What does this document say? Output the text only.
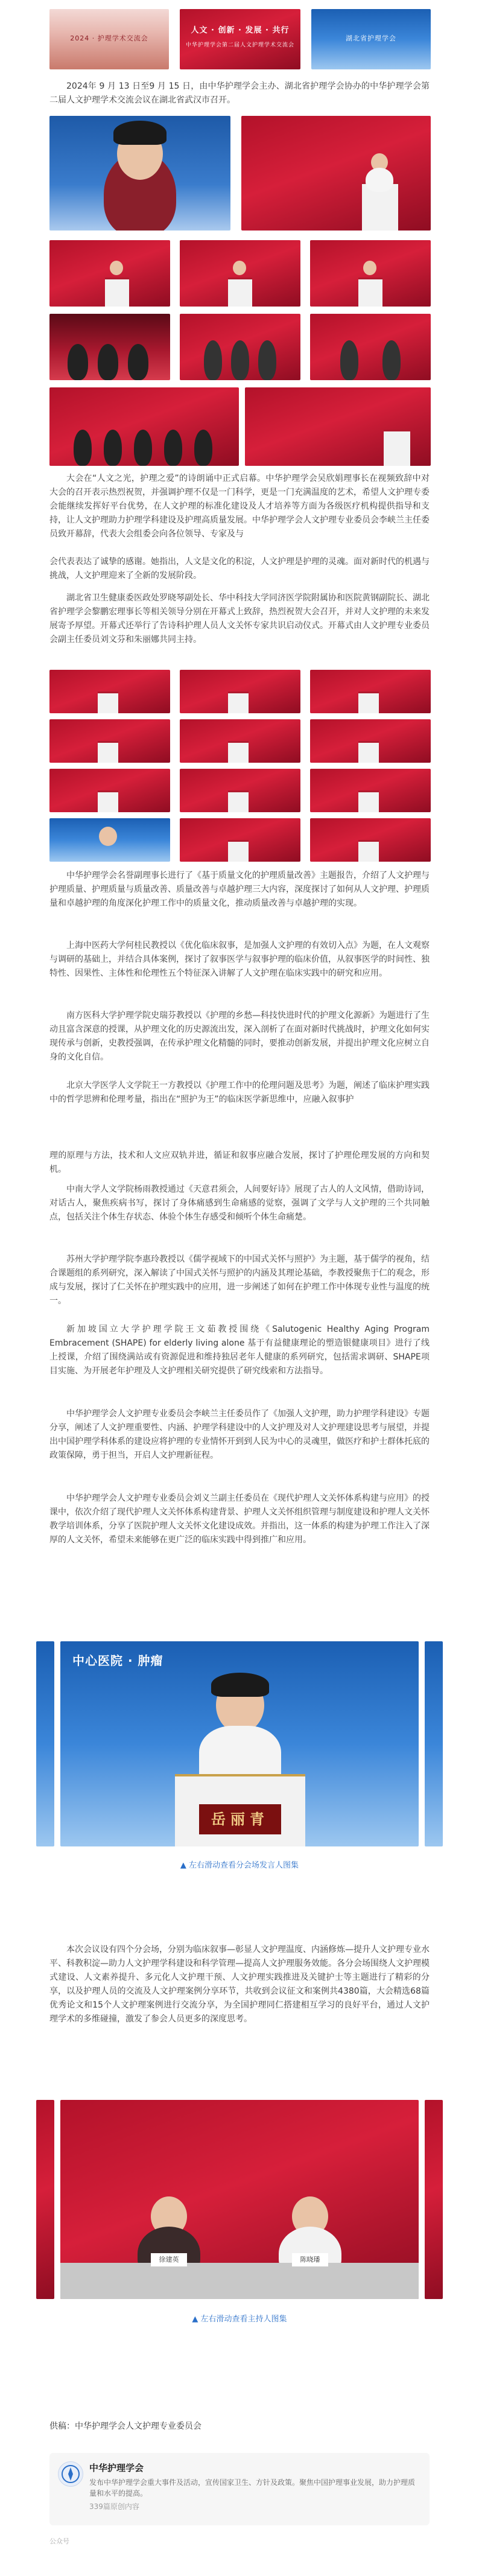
2024 · 护理学术交流会
人文 · 创新 · 发展 · 共行
中华护理学会第二届人文护理学术交流会
湖北省护理学会

2024年 9 月 13 日至9 月 15 日，由中华护理学会主办、湖北省护理学会协办的中华护理学会第二届人文护理学术交流会议在湖北省武汉市召开。

大会在“人文之光，护理之爱”的诗朗诵中正式启幕。中华护理学会吴欣娟理事长在视频致辞中对大会的召开表示热烈祝贺，并强调护理不仅是一门科学，更是一门充满温度的艺术，希望人文护理专委会能继续发挥好平台优势，在人文护理的标准化建设及人才培养等方面为各级医疗机构提供指导和支持，让人文护理助力护理学科建设及护理高质量发展。中华护理学会人文护理专业委员会李峡兰主任委员致开幕辞，代表大会组委会向各位领导、专家及与

会代表表达了诚挚的感谢。她指出，人文是文化的积淀，人文护理是护理的灵魂。面对新时代的机遇与挑战，人文护理迎来了全新的发展阶段。

湖北省卫生健康委医政处罗晓琴副处长、华中科技大学同济医学院附属协和医院黄钢副院长、湖北省护理学会黎鹏宏理事长等相关领导分别在开幕式上致辞，热烈祝贺大会召开，并对人文护理的未来发展寄予厚望。开幕式还举行了告诗科护理人员人文关怀专家共识启动仪式。开幕式由人文护理专业委员会副主任委员刘文芬和朱丽娜共同主持。

中华护理学会名誉副理事长进行了《基于质量文化的护理质量改善》主题报告，介绍了人文护理与护理质量、护理质量与质量改善、质量改善与卓越护理三大内容，深度探讨了如何从人文护理、护理质量和卓越护理的角度深化护理工作中的质量文化，推动质量改善与卓越护理的实现。

上海中医药大学何桂民教授以《优化临床叙事，是加强人文护理的有效切入点》为题，在人文观察与调研的基础上，并结合具体案例，探讨了叙事医学与叙事护理的临床价值，从叙事医学的时间性、独特性、因果性、主体性和伦理性五个特征深入讲解了人文护理在临床实践中的研究和应用。

南方医科大学护理学院史瑞芬教授以《护理的乡愁—科技快进时代的护理文化源新》为题进行了生动且富含深意的授课，从护理文化的历史源流出发，深入剖析了在面对新时代挑战时，护理文化如何实现传承与创新，史教授强调，在传承护理文化精髓的同时，要推动创新发展，并提出护理文化应树立自身的文化自信。

北京大学医学人文学院王一方教授以《护理工作中的伦理问题及思考》为题，阐述了临床护理实践中的哲学思辨和伦理考量，指出在“照护为王”的临床医学新思维中，应融入叙事护

理的原理与方法，技术和人文应双轨并进，循证和叙事应融合发展，探讨了护理伦理发展的方向和契机。

中南大学人文学院杨雨教授通过《天意君须会，人间要好诗》展现了古人的人文风情，借助诗词，对话古人，聚焦疾病书写，探讨了身体痛感到生命痛感的觉察，强调了文学与人文护理的三个共同触点，包括关注个体生存状态、体验个体生存感受和倾听个体生命痛楚。

苏州大学护理学院李惠玲教授以《儒学视域下的中国式关怀与照护》为主题，基于儒学的视角，结合课题组的系列研究，深入解读了中国式关怀与照护的内涵及其理论基础，李教授聚焦于仁的观念，形成与发展，探讨了仁关怀在护理实践中的应用，进一步阐述了如何在护理工作中体现专业性与温度的统一。

新加坡国立大学护理学院王文茹教授围绕《Salutogenic Healthy Aging Program Embracement (SHAPE) for elderly living alone 基于有益健康理论的塑造银健康项目》进行了线上授课，介绍了围绕满站或有资源促进和维持独居老年人健康的系列研究，包括需求调研、SHAPE项目实施、为开展老年护理及人文护理相关研究提供了研究线索和方法指导。

中华护理学会人文护理专业委员会李峡兰主任委员作了《加强人文护理，助力护理学科建设》专题分享，阐述了人文护理重要性、内涵、护理学科建设中的人文护理及对人文护理建设思考与展望，并提出中国护理学科体系的建设应将护理的专业情怀开到到人民为中心的灵魂里，做医疗和护士群体托底的政策保障，勇于担当，开启人文护理新征程。

中华护理学会人文护理专业委员会刘义兰副主任委员在《现代护理人文关怀体系构建与应用》的授课中，依次介绍了现代护理人文关怀体系构建背景、护理人文关怀组织管理与制度建设和护理人文关怀教学培训体系，分享了医院护理人文关怀文化建设成效。并指出，这一体系的构建为护理工作注入了深厚的人文关怀，希望未来能够在更广泛的临床实践中得到推广和应用。

中心医院 · 肿瘤
岳丽青
▲ 左右滑动查看分会场发言人图集

本次会议设有四个分会场，分别为临床叙事—彰显人文护理温度、内涵修炼—提升人文护理专业水平、科教积淀—助力人文护理学科建设和科学管理—提高人文护理服务效能。各分会场围绕人文护理模式建设、人文素养提升、多元化人文护理干预、人文护理实践推进及关键护士等主题进行了精彩的分享，以及护理人员的交流及人文护理案例分享环节，共收到会议征文和案例共4380篇，大会精选68篇优秀论文和15个人文护理案例进行交流分享，为全国护理同仁搭建相互学习的良好平台，通过人文护理学术的多维碰撞，激发了参会人员更多的深度思考。

徐建英	陈晓璠
▲ 左右滑动查看主持人图集
供稿：中华护理学会人文护理专业委员会
中华护理学会
发布中华护理学会重大事件及活动，宣传国家卫生、方针及政策。聚焦中国护理事业发展，助力护理质量和水平的提高。
339篇原创内容
公众号
